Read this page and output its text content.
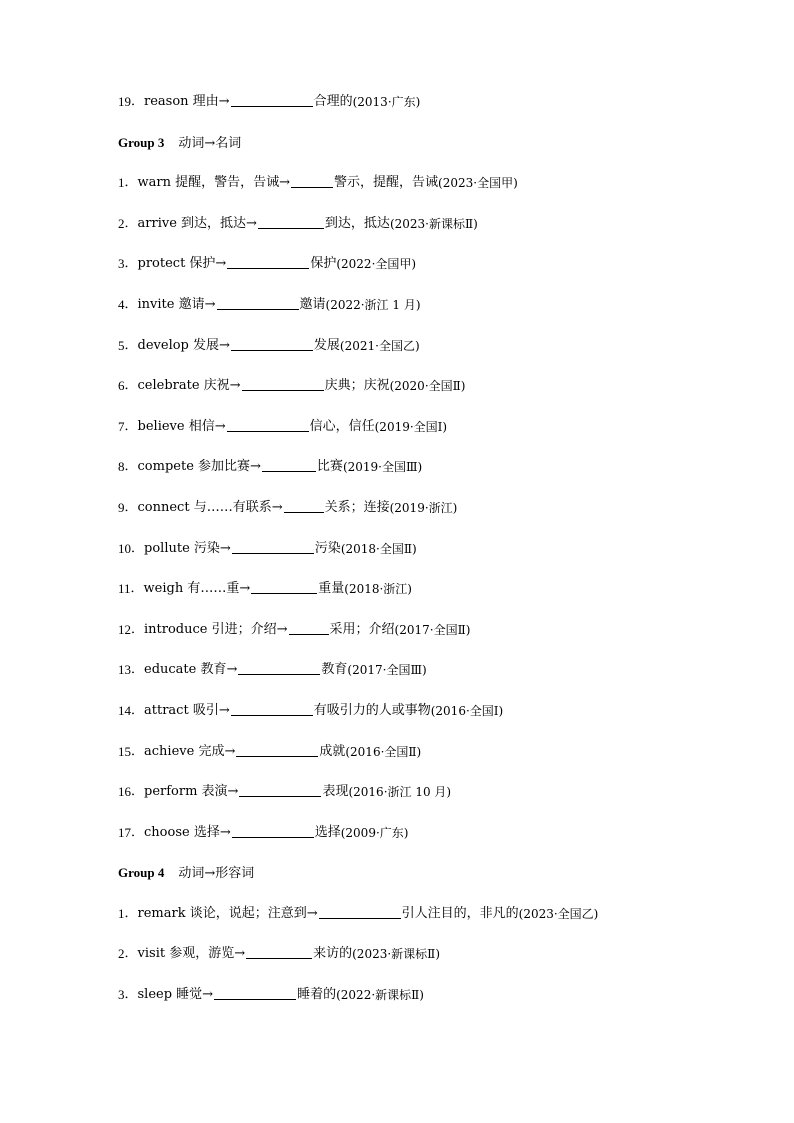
19 ． reason 理由→	合理的 (2013·广东)
Group 3 动词→名词
1 ． warn 提醒，警告，告诫→	警示，提醒，告诫 (2023·全国甲)
2 ． arrive 到达，抵达→	到达，抵达 (2023·新课标Ⅱ)
3 ． protect 保护→	保护 (2022·全国甲)
4 ． invite 邀请→	邀请 (2022·浙江 1 月)
5 ． develop 发展→	发展 (2021·全国乙)
6 ． celebrate 庆祝→	庆典；庆祝 (2020·全国Ⅱ)
7 ． believe 相信→	信心，信任 (2019·全国Ⅰ)
8 ． compete 参加比赛→	比赛 (2019·全国Ⅲ)
9 ． connect 与……有联系→	关系；连接 (2019·浙江)
10 ． pollute 污染→	污染 (2018·全国Ⅱ)
11 ． weigh 有……重→	重量 (2018·浙江)
12 ． introduce 引进；介绍→	采用；介绍 (2017·全国Ⅱ)
13 ． educate 教育→	教育 (2017·全国Ⅲ)
14 ． attract 吸引→	有吸引力的人或事物 (2016·全国Ⅰ)
15 ． achieve 完成→	成就 (2016·全国Ⅱ)
16 ． perform 表演→	表现 (2016·浙江 10 月)
17 ． choose 选择→	选择 (2009·广东)
Group 4 动词→形容词
1 ． remark 谈论，说起；注意到→	引人注目的，非凡的 (2023·全国乙)
2 ． visit 参观，游览→	来访的 (2023·新课标Ⅱ)
3 ． sleep 睡觉→	睡着的 (2022·新课标Ⅱ)
